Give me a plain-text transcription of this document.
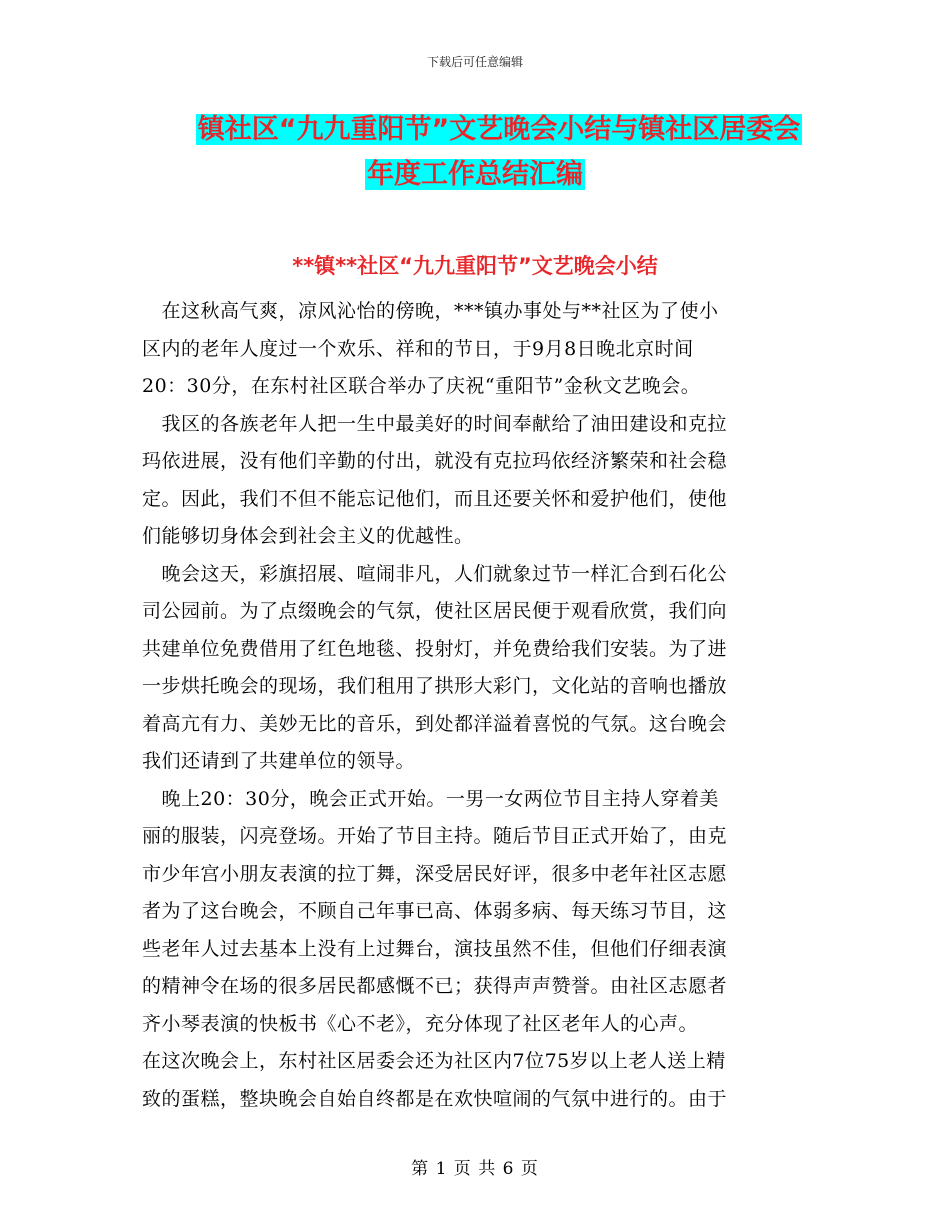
下载后可任意编辑
镇社区“九九重阳节”文艺晚会小结与镇社区居委会
年度工作总结汇编
**镇**社区“九九重阳节”文艺晚会小结
　在这秋高气爽，凉风沁怡的傍晚，***镇办事处与**社区为了使小
区内的老年人度过一个欢乐、祥和的节日，于9月8日晚北京时间
20：30分，在东村社区联合举办了庆祝“重阳节”金秋文艺晚会。
　我区的各族老年人把一生中最美好的时间奉献给了油田建设和克拉
玛依进展，没有他们辛勤的付出，就没有克拉玛依经济繁荣和社会稳
定。因此，我们不但不能忘记他们，而且还要关怀和爱护他们，使他
们能够切身体会到社会主义的优越性。
　晚会这天，彩旗招展、喧闹非凡，人们就象过节一样汇合到石化公
司公园前。为了点缀晚会的气氛，使社区居民便于观看欣赏，我们向
共建单位免费借用了红色地毯、投射灯，并免费给我们安装。为了进
一步烘托晚会的现场，我们租用了拱形大彩门，文化站的音响也播放
着高亢有力、美妙无比的音乐，到处都洋溢着喜悦的气氛。这台晚会
我们还请到了共建单位的领导。
　晚上20：30分，晚会正式开始。一男一女两位节目主持人穿着美
丽的服装，闪亮登场。开始了节目主持。随后节目正式开始了，由克
市少年宫小朋友表演的拉丁舞，深受居民好评，很多中老年社区志愿
者为了这台晚会，不顾自己年事已高、体弱多病、每天练习节目，这
些老年人过去基本上没有上过舞台，演技虽然不佳，但他们仔细表演
的精神令在场的很多居民都感慨不已；获得声声赞誉。由社区志愿者
齐小琴表演的快板书《心不老》，充分体现了社区老年人的心声。
在这次晚会上，东村社区居委会还为社区内7位75岁以上老人送上精
致的蛋糕，整块晚会自始自终都是在欢快喧闹的气氛中进行的。由于
第 1 页 共 6 页
